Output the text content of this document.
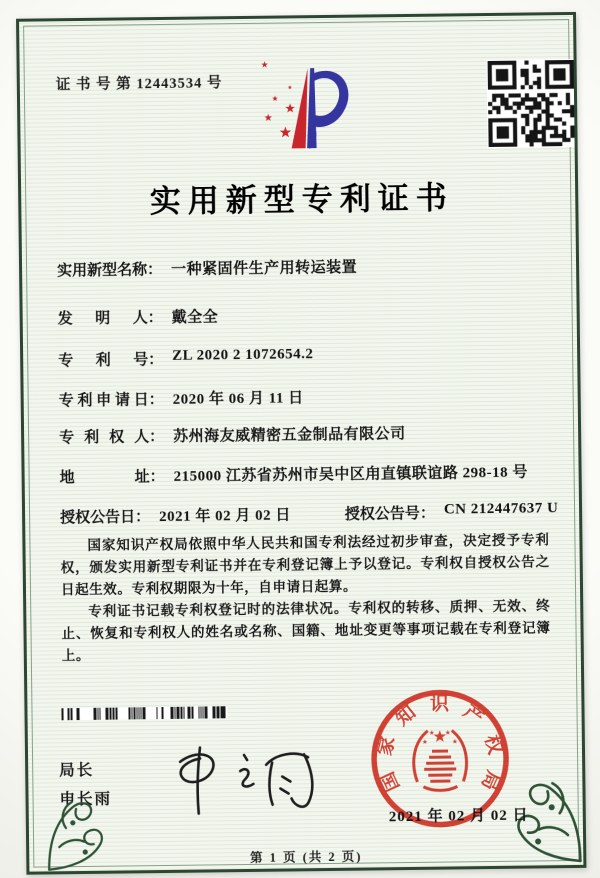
证 书 号 第 12443534 号
实用新型专利证书
实用新型名称 ： 一种紧固件生产用转运装置
发明人 ： 戴全全
专利号 ： ZL 2020 2 1072654.2
专利申请日 ： 2020 年 06 月 11 日
专利权人 ： 苏州海友威精密五金制品有限公司
地址 ： 215000 江苏省苏州市吴中区甪直镇联谊路 298-18 号
授权公告日 ： 2021 年 02 月 02 日	授权公告号 ： CN 212447637 U

国家知识产权局依照中华人民共和国专利法经过初步审查，决定授予专利权，颁发实用新型专利证书并在专利登记簿上予以登记。专利权自授权公告之日起生效。专利权期限为十年，自申请日起算。

专利证书记载专利权登记时的法律状况。专利权的转移、质押、无效、终止、恢复和专利权人的姓名或名称、国籍、地址变更等事项记载在专利登记簿上。

局长
申长雨
国
家
知 识 产
权
局
2021 年 02 月 02 日
第 1 页 (共 2 页)
